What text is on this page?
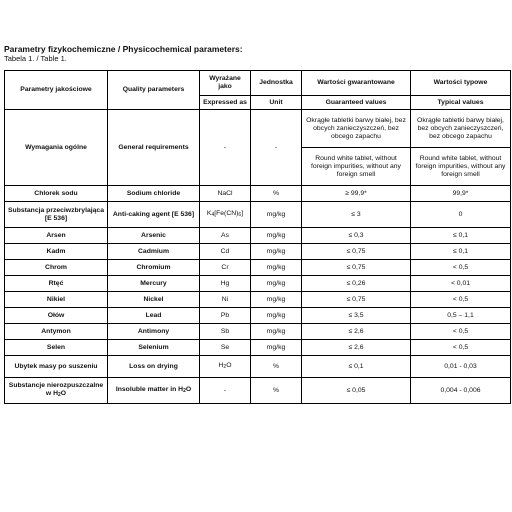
Parametry fizykochemiczne / Physicochemical parameters:
Tabela 1. / Table 1.
Parametry jakościowe	Quality parameters	Wyrażane jako	Jednostka	Wartości gwarantowane	Wartości typowe
		Expressed as	Unit	Guaranteed values	Typical values
Wymagania ogólne	General requirements	-	-	Okrągłe tabletki barwy białej, bez obcych zanieczyszczeń, bez obcego zapachu	Okrągłe tabletki barwy białej, bez obcych zanieczyszczeń, bez obcego zapachu
				Round white tablet, without foreign impurities, without any foreign smell	Round white tablet, without foreign impurities, without any foreign smell
Chlorek sodu	Sodium chloride	NaCl	%	≥ 99,9*	99,9*
Substancja przeciwzbrylająca [E 536]	Anti-caking agent [E 536]	$K_4[Fe(CN)_6]$	mg/kg	≤ 3	0
Arsen	Arsenic	As	mg/kg	≤ 0,3	≤ 0,1
Kadm	Cadmium	Cd	mg/kg	≤ 0,75	≤ 0,1
Chrom	Chromium	Cr	mg/kg	≤ 0,75	< 0,5
Rtęć	Mercury	Hg	mg/kg	≤ 0,26	< 0,01
Nikiel	Nickel	Ni	mg/kg	≤ 0,75	< 0,5
Ołów	Lead	Pb	mg/kg	≤ 3,5	0,5 – 1,1
Antymon	Antimony	Sb	mg/kg	≤ 2,6	< 0,5
Selen	Selenium	Se	mg/kg	≤ 2,6	< 0,5
Ubytek masy po suszeniu	Loss on drying	$H_2O$	%	≤ 0,1	0,01 - 0,03
Substancje nierozpuszczalne w $H_2O$	Insoluble matter in $H_2O$	-	%	≤ 0,05	0,004 - 0,006
